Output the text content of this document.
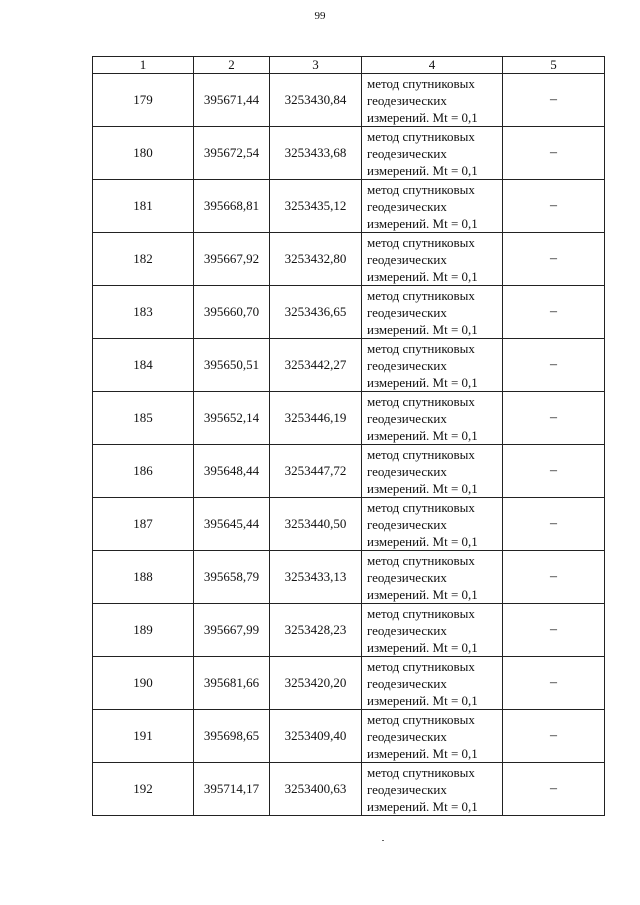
99
1	2	3	4	5
179	395671,44	3253430,84	метод спутниковых
геодезических
измерений. Mt = 0,1	–
180	395672,54	3253433,68	метод спутниковых
геодезических
измерений. Mt = 0,1	–
181	395668,81	3253435,12	метод спутниковых
геодезических
измерений. Mt = 0,1	–
182	395667,92	3253432,80	метод спутниковых
геодезических
измерений. Mt = 0,1	–
183	395660,70	3253436,65	метод спутниковых
геодезических
измерений. Mt = 0,1	–
184	395650,51	3253442,27	метод спутниковых
геодезических
измерений. Mt = 0,1	–
185	395652,14	3253446,19	метод спутниковых
геодезических
измерений. Mt = 0,1	–
186	395648,44	3253447,72	метод спутниковых
геодезических
измерений. Mt = 0,1	–
187	395645,44	3253440,50	метод спутниковых
геодезических
измерений. Mt = 0,1	–
188	395658,79	3253433,13	метод спутниковых
геодезических
измерений. Mt = 0,1	–
189	395667,99	3253428,23	метод спутниковых
геодезических
измерений. Mt = 0,1	–
190	395681,66	3253420,20	метод спутниковых
геодезических
измерений. Mt = 0,1	–
191	395698,65	3253409,40	метод спутниковых
геодезических
измерений. Mt = 0,1	–
192	395714,17	3253400,63	метод спутниковых
геодезических
измерений. Mt = 0,1	–
